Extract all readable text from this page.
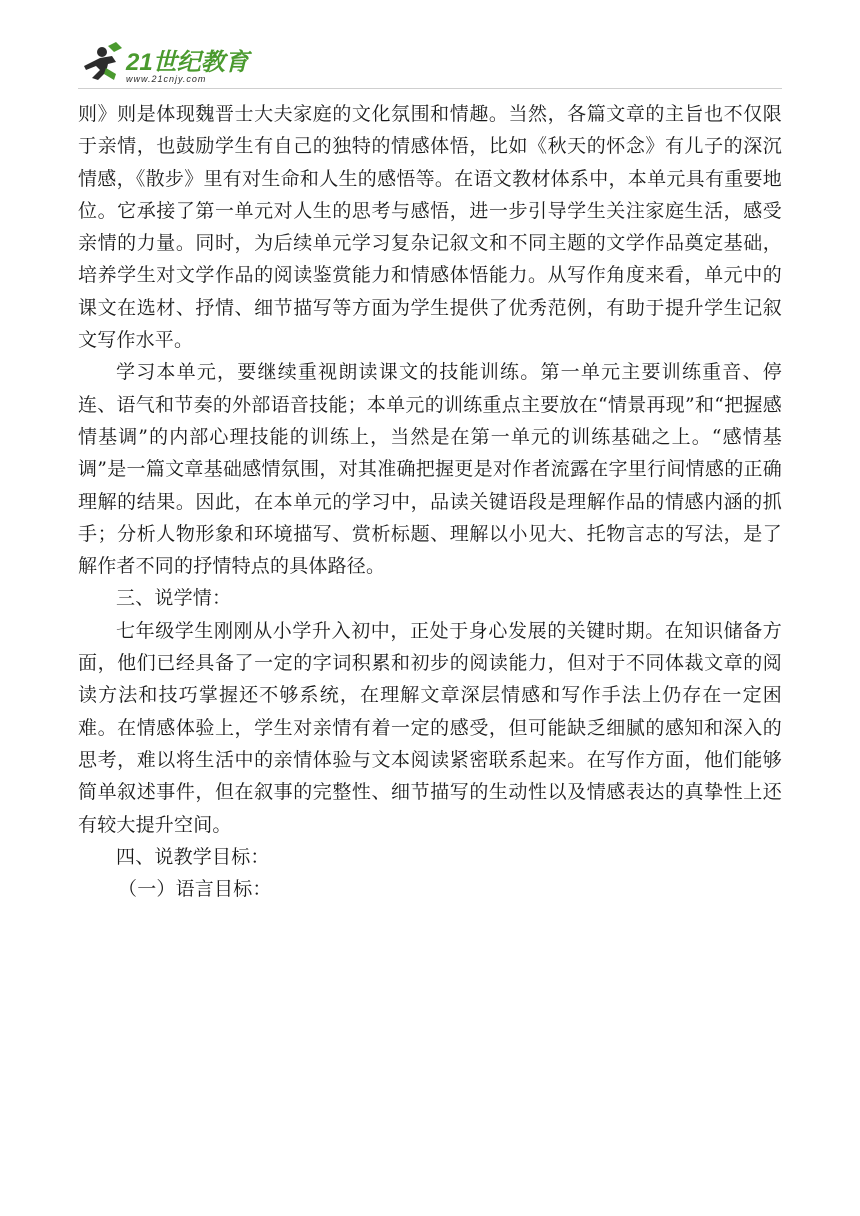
21世纪教育
www.21cnjy.com

则》则是体现魏晋士大夫家庭的文化氛围和情趣。当然，各篇文章的主旨也不仅限于亲情，也鼓励学生有自己的独特的情感体悟，比如《秋天的怀念》有儿子的深沉情感，《散步》里有对生命和人生的感悟等。在语文教材体系中，本单元具有重要地位。它承接了第一单元对人生的思考与感悟，进一步引导学生关注家庭生活，感受亲情的力量。同时，为后续单元学习复杂记叙文和不同主题的文学作品奠定基础，培养学生对文学作品的阅读鉴赏能力和情感体悟能力。从写作角度来看，单元中的课文在选材、抒情、细节描写等方面为学生提供了优秀范例，有助于提升学生记叙文写作水平。

学习本单元，要继续重视朗读课文的技能训练。第一单元主要训练重音、停连、语气和节奏的外部语音技能；本单元的训练重点主要放在“情景再现”和“把握感情基调”的内部心理技能的训练上，当然是在第一单元的训练基础之上。“感情基调”是一篇文章基础感情氛围，对其准确把握更是对作者流露在字里行间情感的正确理解的结果。因此，在本单元的学习中，品读关键语段是理解作品的情感内涵的抓手；分析人物形象和环境描写、赏析标题、理解以小见大、托物言志的写法，是了解作者不同的抒情特点的具体路径。

三、说学情：

七年级学生刚刚从小学升入初中，正处于身心发展的关键时期。在知识储备方面，他们已经具备了一定的字词积累和初步的阅读能力，但对于不同体裁文章的阅读方法和技巧掌握还不够系统，在理解文章深层情感和写作手法上仍存在一定困难。在情感体验上，学生对亲情有着一定的感受，但可能缺乏细腻的感知和深入的思考，难以将生活中的亲情体验与文本阅读紧密联系起来。在写作方面，他们能够简单叙述事件，但在叙事的完整性、细节描写的生动性以及情感表达的真挚性上还有较大提升空间。

四、说教学目标：

（一）语言目标：
